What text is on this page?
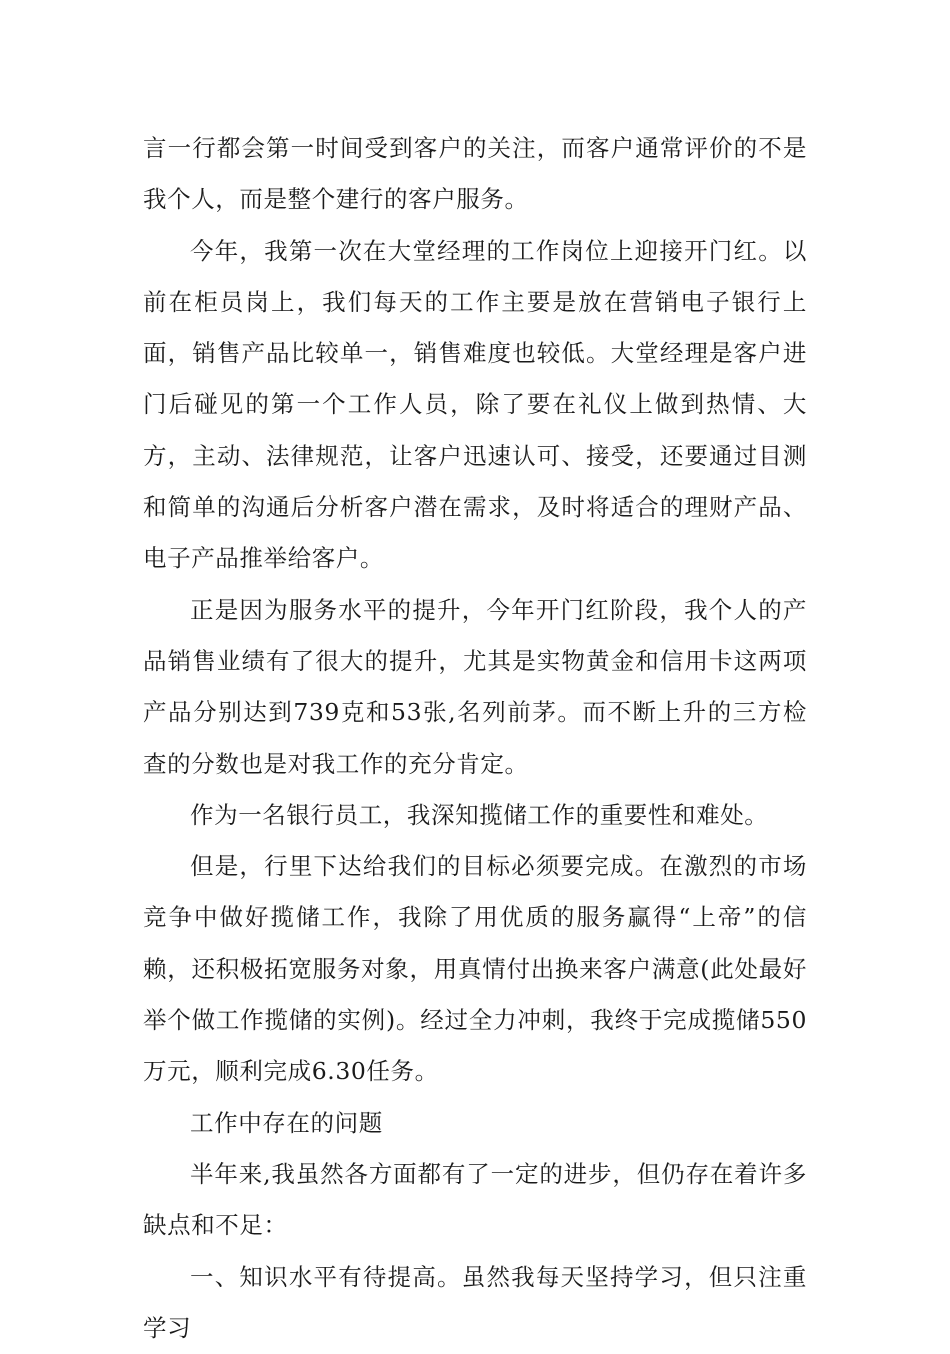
言一行都会第一时间受到客户的关注，而客户通常评价的不是我个人，而是整个建行的客户服务。

今年，我第一次在大堂经理的工作岗位上迎接开门红。以前在柜员岗上，我们每天的工作主要是放在营销电子银行上面，销售产品比较单一，销售难度也较低。大堂经理是客户进门后碰见的第一个工作人员，除了要在礼仪上做到热情、大方，主动、法律规范，让客户迅速认可、接受，还要通过目测和简单的沟通后分析客户潜在需求，及时将适合的理财产品、电子产品推举给客户。

正是因为服务水平的提升，今年开门红阶段，我个人的产品销售业绩有了很大的提升，尤其是实物黄金和信用卡这两项产品分别达到739克和53张,名列前茅。而不断上升的三方检查的分数也是对我工作的充分肯定。

作为一名银行员工，我深知揽储工作的重要性和难处。

但是，行里下达给我们的目标必须要完成。在激烈的市场竞争中做好揽储工作，我除了用优质的服务赢得“上帝”的信赖，还积极拓宽服务对象，用真情付出换来客户满意(此处最好举个做工作揽储的实例)。经过全力冲刺，我终于完成揽储550万元，顺利完成6.30任务。

工作中存在的问题

半年来,我虽然各方面都有了一定的进步，但仍存在着许多缺点和不足：

一、知识水平有待提高。虽然我每天坚持学习，但只注重学习
